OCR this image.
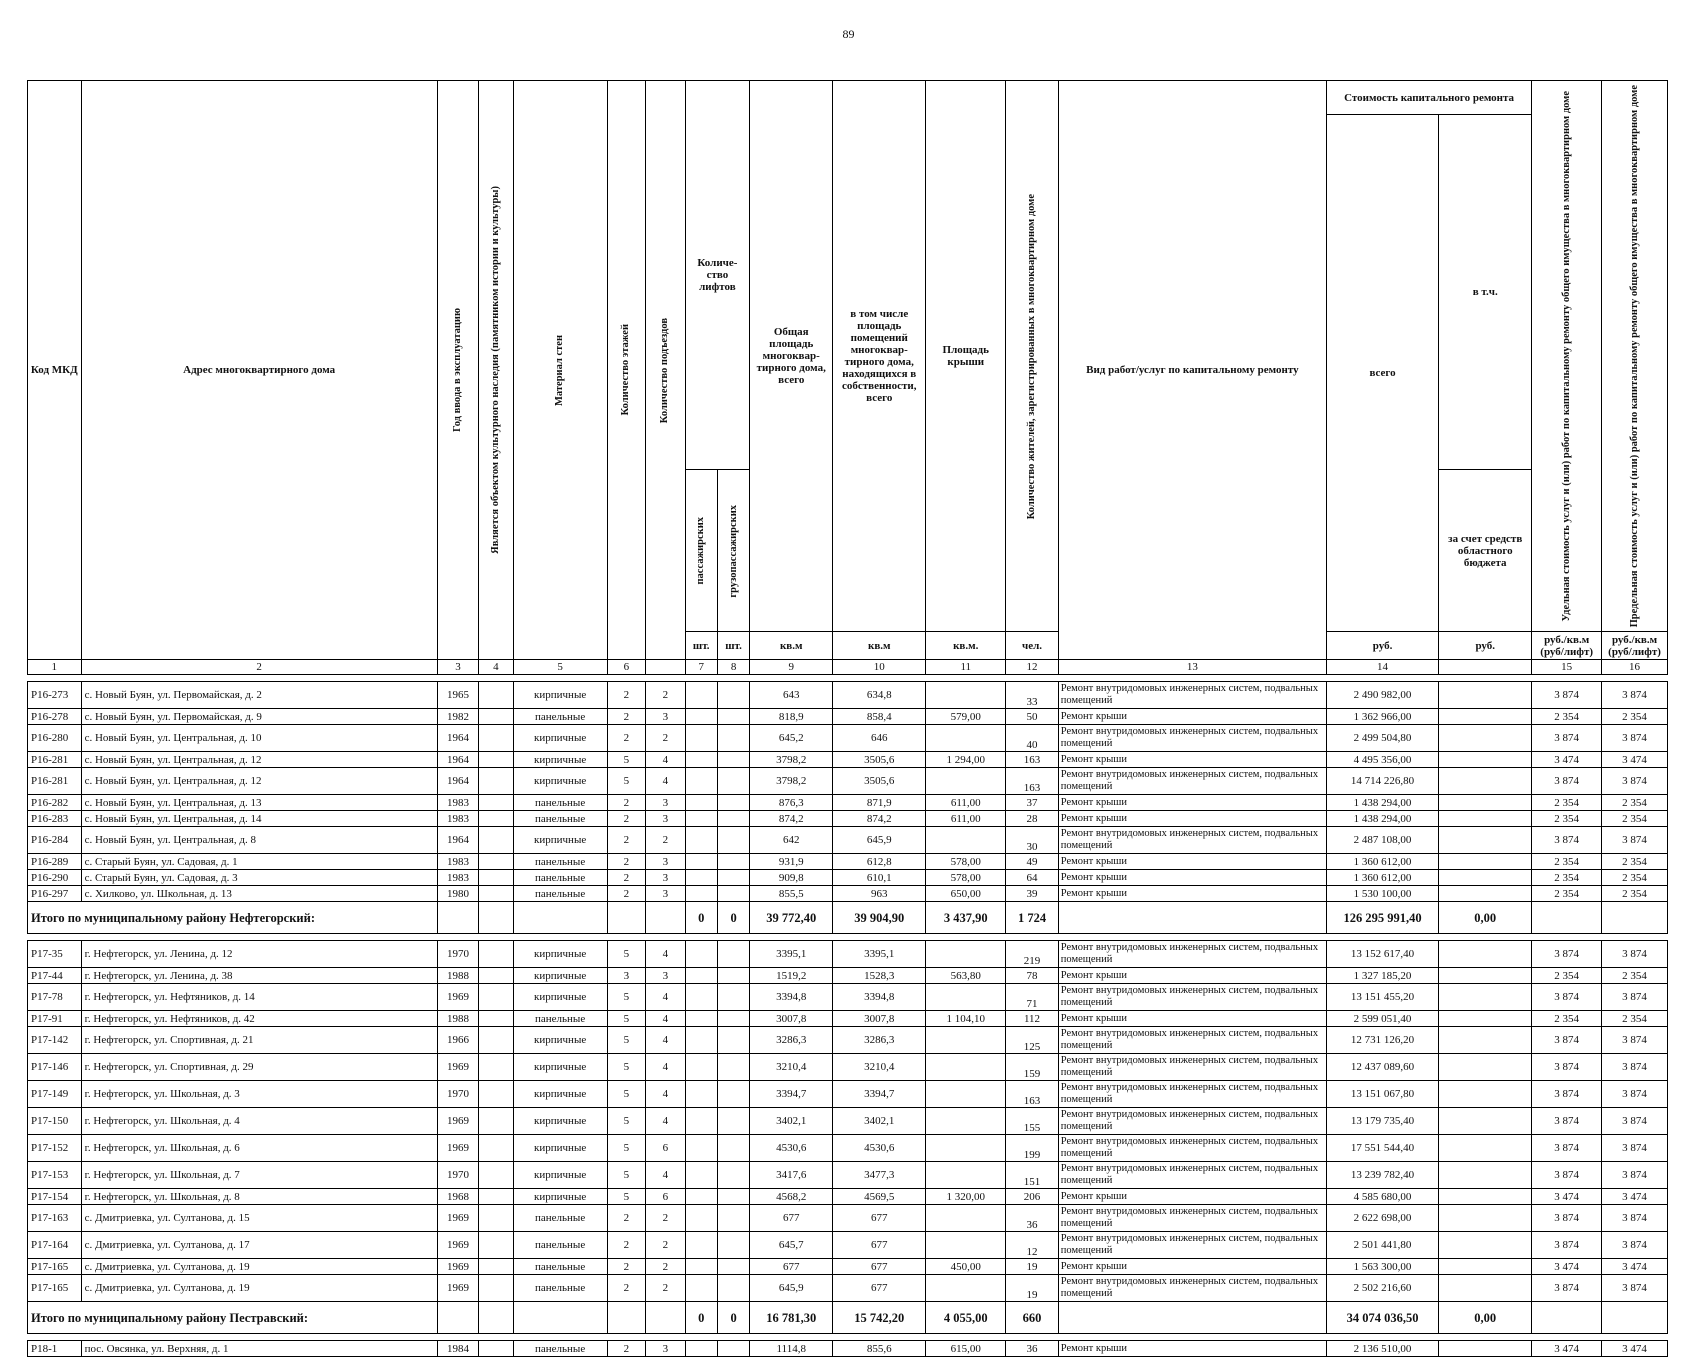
89
Код МКД	Адрес многоквартирного дома	Год ввода в эксплуатацию	Является объектом культурного наследия (памятником истории и культуры)	Материал стен	Количество этажей	Количество подъездов	Количе-ство лифтов		Общая площадь многоквар-тирного дома, всего	в том числе площадь помещений многоквар-тирного дома, находящихся в собственности, всего	Площадь крыши	Количество жителей, зарегистрированных в многоквартирном доме	Вид работ/услуг по капитальному ремонту	Стоимость капитального ремонта		Удельная стоимость услуг и (или) работ по капитальному ремонту общего имущества в многоквартирном доме	Предельная стоимость услуг и (или) работ по капитальному ремонту общего имущества в многоквартирном доме

														всего	в т.ч.		

							пассажирских	грузопассажирских							за счет средств областного бюджета		
							шт.	шт.	кв.м	кв.м	кв.м.	чел.		руб.	руб.	руб./кв.м (руб/лифт)	руб./кв.м (руб/лифт)
1	2	3	4	5	6		7	8	9	10	11	12	13	14		15	16

P16-273	с. Новый Буян, ул. Первомайская, д. 2	1965		кирпичные	2	2			643	634,8		33	Ремонт внутридомовых инженерных систем, подвальных помещений	2 490 982,00		3 874	3 874
P16-278	с. Новый Буян, ул. Первомайская, д. 9	1982		панельные	2	3			818,9	858,4	579,00	50	Ремонт крыши	1 362 966,00		2 354	2 354
P16-280	с. Новый Буян, ул. Центральная, д. 10	1964		кирпичные	2	2			645,2	646		40	Ремонт внутридомовых инженерных систем, подвальных помещений	2 499 504,80		3 874	3 874
P16-281	с. Новый Буян, ул. Центральная, д. 12	1964		кирпичные	5	4			3798,2	3505,6	1 294,00	163	Ремонт крыши	4 495 356,00		3 474	3 474
P16-281	с. Новый Буян, ул. Центральная, д. 12	1964		кирпичные	5	4			3798,2	3505,6		163	Ремонт внутридомовых инженерных систем, подвальных помещений	14 714 226,80		3 874	3 874
P16-282	с. Новый Буян, ул. Центральная, д. 13	1983		панельные	2	3			876,3	871,9	611,00	37	Ремонт крыши	1 438 294,00		2 354	2 354
P16-283	с. Новый Буян, ул. Центральная, д. 14	1983		панельные	2	3			874,2	874,2	611,00	28	Ремонт крыши	1 438 294,00		2 354	2 354
P16-284	с. Новый Буян, ул. Центральная, д. 8	1964		кирпичные	2	2			642	645,9		30	Ремонт внутридомовых инженерных систем, подвальных помещений	2 487 108,00		3 874	3 874
P16-289	с. Старый Буян, ул. Садовая, д. 1	1983		панельные	2	3			931,9	612,8	578,00	49	Ремонт крыши	1 360 612,00		2 354	2 354
P16-290	с. Старый Буян, ул. Садовая, д. 3	1983		панельные	2	3			909,8	610,1	578,00	64	Ремонт крыши	1 360 612,00		2 354	2 354
P16-297	с. Хилково, ул. Школьная, д. 13	1980		панельные	2	3			855,5	963	650,00	39	Ремонт крыши	1 530 100,00		2 354	2 354
Итого по муниципальному району Нефтегорский:							0	0	39 772,40	39 904,90	3 437,90	1 724		126 295 991,40	0,00		

P17-35	г. Нефтегорск, ул. Ленина, д. 12	1970		кирпичные	5	4			3395,1	3395,1		219	Ремонт внутридомовых инженерных систем, подвальных помещений	13 152 617,40		3 874	3 874
P17-44	г. Нефтегорск, ул. Ленина, д. 38	1988		кирпичные	3	3			1519,2	1528,3	563,80	78	Ремонт крыши	1 327 185,20		2 354	2 354
P17-78	г. Нефтегорск, ул. Нефтяников, д. 14	1969		кирпичные	5	4			3394,8	3394,8		71	Ремонт внутридомовых инженерных систем, подвальных помещений	13 151 455,20		3 874	3 874
P17-91	г. Нефтегорск, ул. Нефтяников, д. 42	1988		панельные	5	4			3007,8	3007,8	1 104,10	112	Ремонт крыши	2 599 051,40		2 354	2 354
P17-142	г. Нефтегорск, ул. Спортивная, д. 21	1966		кирпичные	5	4			3286,3	3286,3		125	Ремонт внутридомовых инженерных систем, подвальных помещений	12 731 126,20		3 874	3 874
P17-146	г. Нефтегорск, ул. Спортивная, д. 29	1969		кирпичные	5	4			3210,4	3210,4		159	Ремонт внутридомовых инженерных систем, подвальных помещений	12 437 089,60		3 874	3 874
P17-149	г. Нефтегорск, ул. Школьная, д. 3	1970		кирпичные	5	4			3394,7	3394,7		163	Ремонт внутридомовых инженерных систем, подвальных помещений	13 151 067,80		3 874	3 874
P17-150	г. Нефтегорск, ул. Школьная, д. 4	1969		кирпичные	5	4			3402,1	3402,1		155	Ремонт внутридомовых инженерных систем, подвальных помещений	13 179 735,40		3 874	3 874
P17-152	г. Нефтегорск, ул. Школьная, д. 6	1969		кирпичные	5	6			4530,6	4530,6		199	Ремонт внутридомовых инженерных систем, подвальных помещений	17 551 544,40		3 874	3 874
P17-153	г. Нефтегорск, ул. Школьная, д. 7	1970		кирпичные	5	4			3417,6	3477,3		151	Ремонт внутридомовых инженерных систем, подвальных помещений	13 239 782,40		3 874	3 874
P17-154	г. Нефтегорск, ул. Школьная, д. 8	1968		кирпичные	5	6			4568,2	4569,5	1 320,00	206	Ремонт крыши	4 585 680,00		3 474	3 474
P17-163	с. Дмитриевка, ул. Султанова, д. 15	1969		панельные	2	2			677	677		36	Ремонт внутридомовых инженерных систем, подвальных помещений	2 622 698,00		3 874	3 874
P17-164	с. Дмитриевка, ул. Султанова, д. 17	1969		панельные	2	2			645,7	677		12	Ремонт внутридомовых инженерных систем, подвальных помещений	2 501 441,80		3 874	3 874
P17-165	с. Дмитриевка, ул. Султанова, д. 19	1969		панельные	2	2			677	677	450,00	19	Ремонт крыши	1 563 300,00		3 474	3 474
P17-165	с. Дмитриевка, ул. Султанова, д. 19	1969		панельные	2	2			645,9	677		19	Ремонт внутридомовых инженерных систем, подвальных помещений	2 502 216,60		3 874	3 874
Итого по муниципальному району Пестравский:							0	0	16 781,30	15 742,20	4 055,00	660		34 074 036,50	0,00		

P18-1	пос. Овсянка, ул. Верхняя, д. 1	1984		панельные	2	3			1114,8	855,6	615,00	36	Ремонт крыши	2 136 510,00		3 474	3 474
